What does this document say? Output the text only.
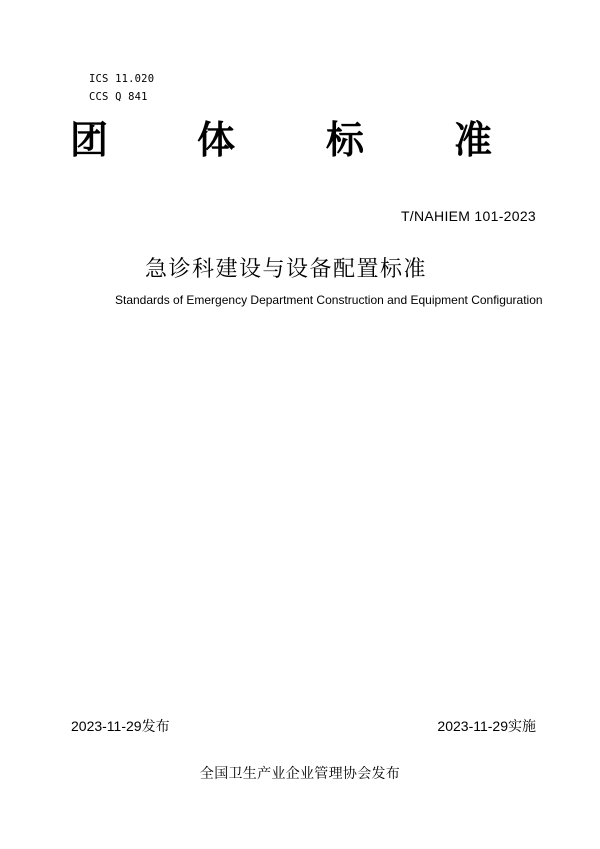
ICS 11.020
CCS Q 841
团 体 标 准
T/NAHIEM 101-2023
急诊科建设与设备配置标准
Standards of Emergency Department Construction and Equipment Configuration
2023-11-29发布	2023-11-29实施
全国卫生产业企业管理协会发布
